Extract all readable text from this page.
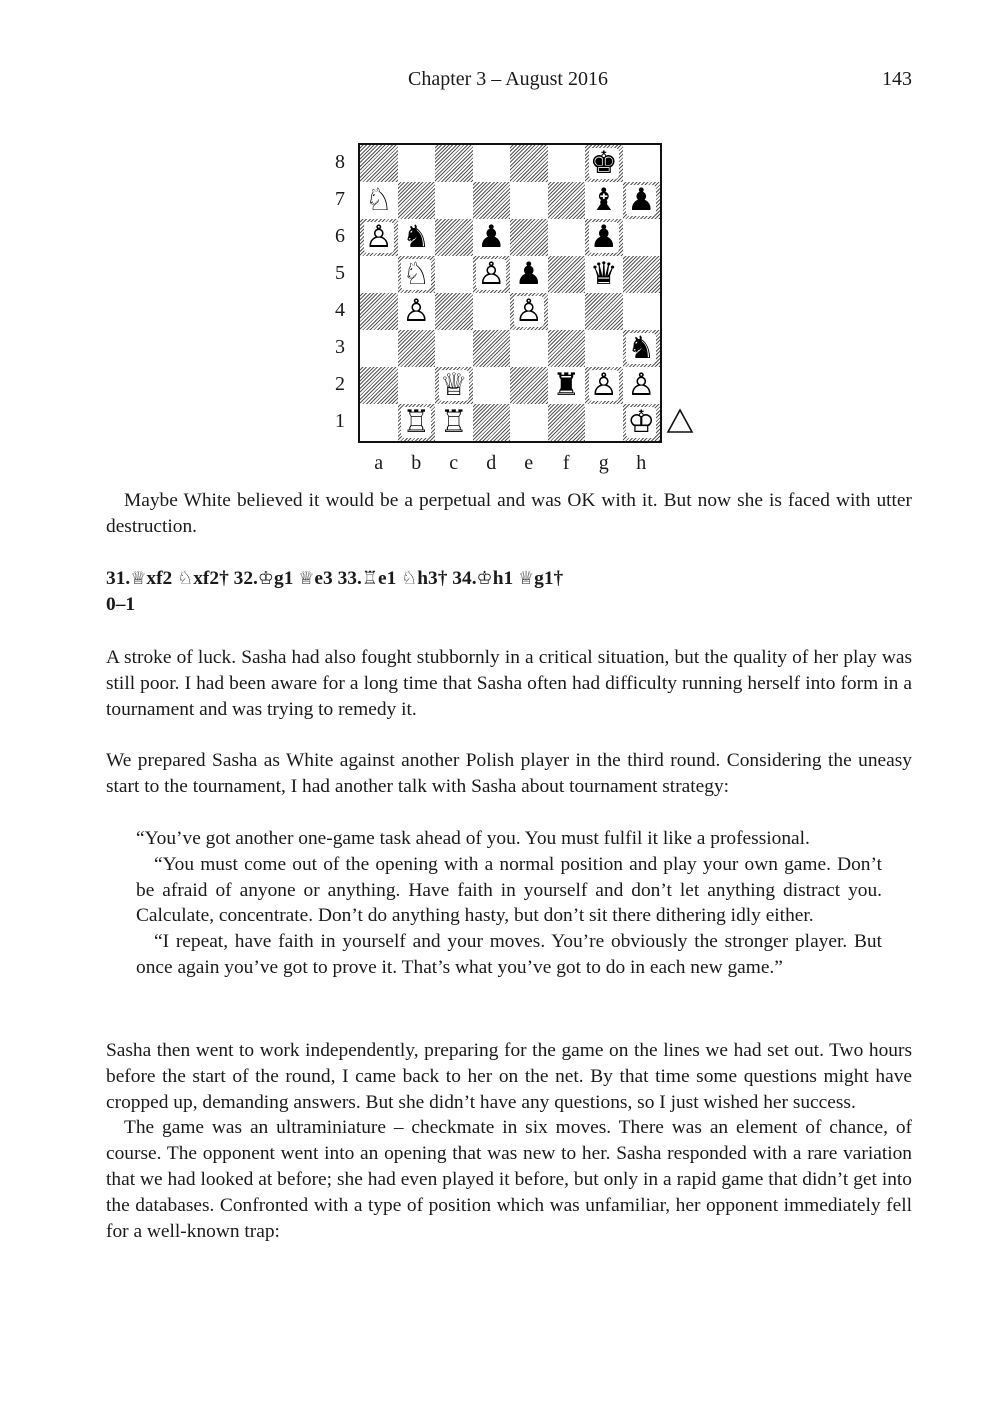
Chapter 3 – August 2016	143
♚
♘	♝ ♟
♙ ♞ ♟	♟
♘ ♙ ♟ ♛
♙	♙
♞
♕	♜ ♙ ♙
♖ ♖	♔
8
7
6
5
4
3
2
1
a	b	c	d	e	f	g	h

Maybe White believed it would be a perpetual and was OK with it. But now she is faced with utter destruction.

31.♕xf2 ♘xf2† 32.♔g1 ♕e3 33.♖e1 ♘h3† 34.♔h1 ♕g1†

0–1

A stroke of luck. Sasha had also fought stubbornly in a critical situation, but the quality of her play was still poor. I had been aware for a long time that Sasha often had difficulty running herself into form in a tournament and was trying to remedy it.

We prepared Sasha as White against another Polish player in the third round. Considering the uneasy start to the tournament, I had another talk with Sasha about tournament strategy:

“You’ve got another one-game task ahead of you. You must fulfil it like a professional.

“You must come out of the opening with a normal position and play your own game. Don’t be afraid of anyone or anything. Have faith in yourself and don’t let anything distract you. Calculate, concentrate. Don’t do anything hasty, but don’t sit there dithering idly either.

“I repeat, have faith in yourself and your moves. You’re obviously the stronger player. But once again you’ve got to prove it. That’s what you’ve got to do in each new game.”

Sasha then went to work independently, preparing for the game on the lines we had set out. Two hours before the start of the round, I came back to her on the net. By that time some questions might have cropped up, demanding answers. But she didn’t have any questions, so I just wished her success.

The game was an ultraminiature – checkmate in six moves. There was an element of chance, of course. The opponent went into an opening that was new to her. Sasha responded with a rare variation that we had looked at before; she had even played it before, but only in a rapid game that didn’t get into the databases. Confronted with a type of position which was unfamiliar, her opponent immediately fell for a well-known trap:
